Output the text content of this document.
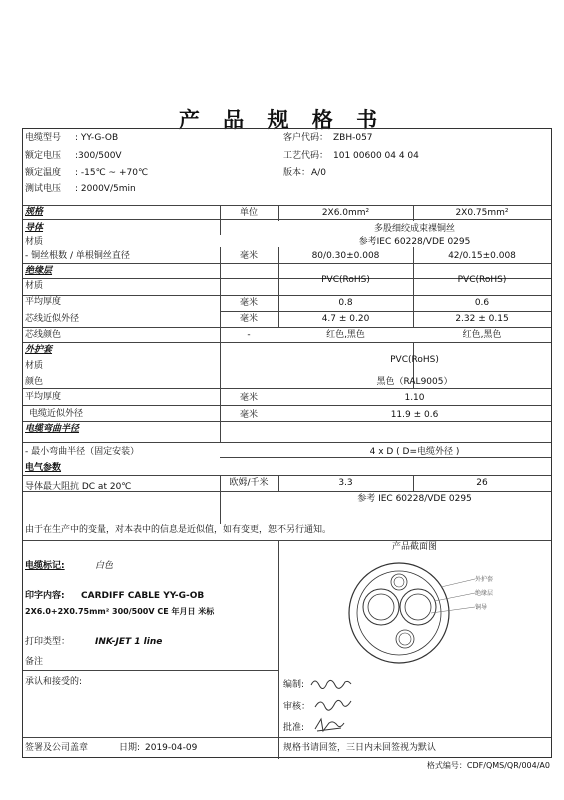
产 品 规 格 书
电缆型号 : YY-G-OB
额定电压 :300/500V
额定温度 : -15℃ ~ +70℃
测试电压 : 2000V/5min
客户代码： ZBH-057
工艺代码： 101 00600 04 4 04
版本： A/0
规格	单位	2X6.0mm²	2X0.75mm²
导体
材质
多股细绞成束裸铜丝
参考IEC 60228/VDE 0295
- 铜丝根数 / 单根铜丝直径	毫米	80/0.30±0.008	42/0.15±0.008
绝缘层
材质
PVC(RoHS)	PVC(RoHS)
平均厚度	毫米	0.8	0.6
芯线近似外径	毫米	4.7 ± 0.20	2.32 ± 0.15
芯线颜色	-	红色,黑色	红色,黑色
外护套
材质
PVC(RoHS)
颜色	黑色（RAL9005）
平均厚度	毫米	1.10
电缆近似外径	毫米	11.9 ± 0.6
电缆弯曲半径
- 最小弯曲半径（固定安装）	4 x D ( D=电缆外径 )
电气参数
导体最大阻抗 DC at 20℃	欧姆/千米	3.3	26
参考 IEC 60228/VDE 0295
由于在生产中的变量，对本表中的信息是近似值，如有变更，恕不另行通知。
电缆标记:	白色
印字内容: CARDIFF CABLE YY-G-OB
2X6.0+2X0.75mm² 300/500V CE 年月日 米标
打印类型：	INK-JET 1 line
备注
产品截面图
外护套
绝缘层
铜导
承认和接受的:	编制:
审核：
批准:
签署及公司盖章	日期: 2019-04-09	规格书请回签，三日内未回签视为默认
格式编号：CDF/QMS/QR/004/A0
